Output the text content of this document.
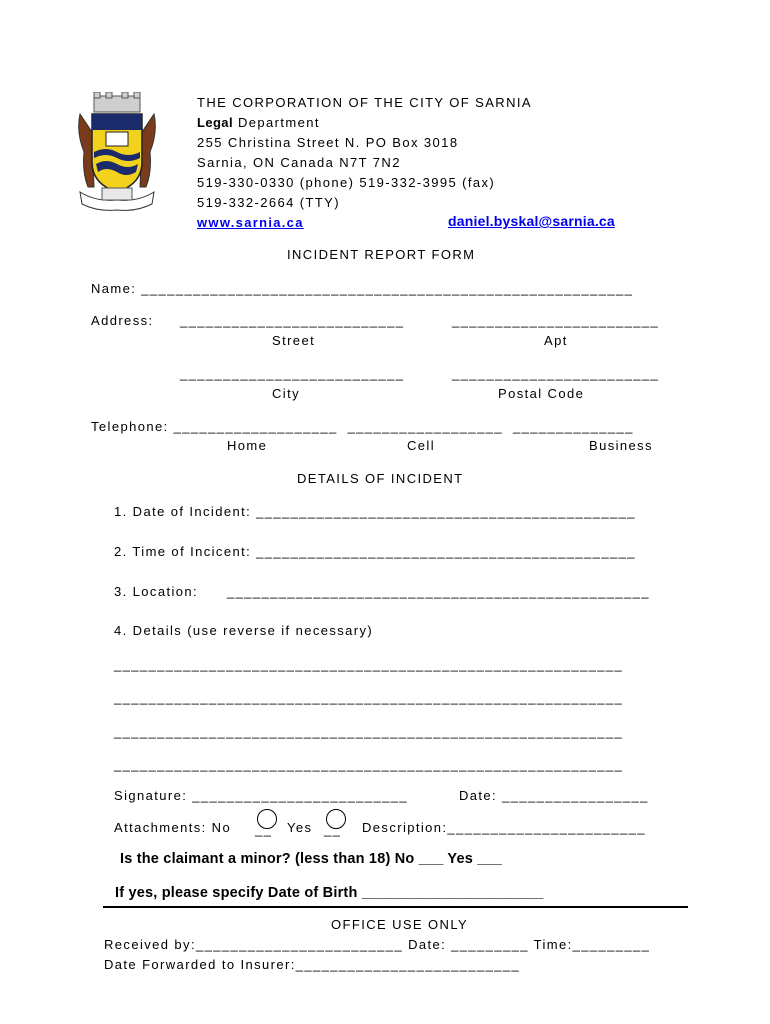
THE CORPORATION OF THE CITY OF SARNIA
Legal Department
255 Christina Street N. PO Box 3018
Sarnia, ON Canada N7T 7N2
519-330-0330 (phone) 519-332-3995 (fax)
519-332-2664 (TTY)
www.sarnia.ca	daniel.byskal@sarnia.ca
INCIDENT REPORT FORM
Name: _________________________________________________________
Address: __________________________	________________________
Street	Apt
__________________________	________________________
City	Postal Code
Telephone: ___________________  __________________  ______________
Home	Cell	Business
DETAILS OF INCIDENT
1. Date of Incident: ____________________________________________
2. Time of Incicent: ____________________________________________
3. Location: _________________________________________________
4. Details (use reverse if necessary)
___________________________________________________________
___________________________________________________________
___________________________________________________________
___________________________________________________________
Signature: _________________________	Date: _________________
Attachments: No __ Yes __ Description:_______________________
Is the claimant a minor? (less than 18) No ___ Yes ___
If yes, please specify Date of Birth ______________________
OFFICE USE ONLY
Received by:________________________ Date: _________ Time:_________
Date Forwarded to Insurer:__________________________
